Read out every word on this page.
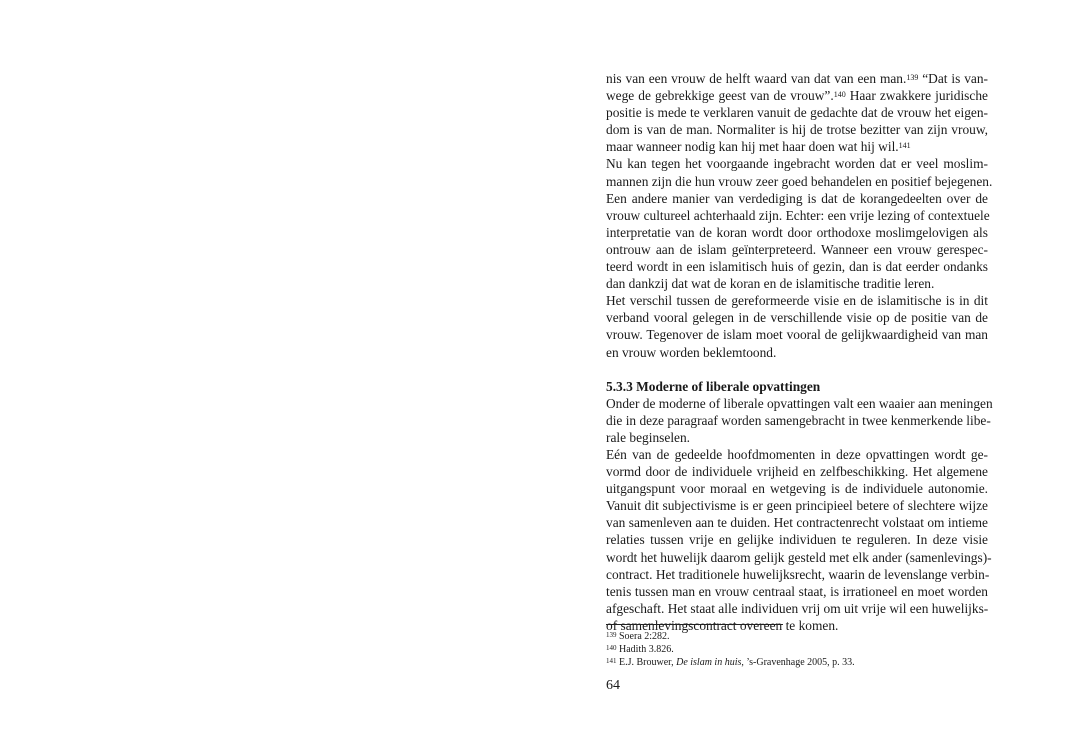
nis van een vrouw de helft waard van dat van een man.$^{139}$ “Dat is van-
wege de gebrekkige geest van de vrouw”.$^{140}$ Haar zwakkere juridische
positie is mede te verklaren vanuit de gedachte dat de vrouw het eigen-
dom is van de man. Normaliter is hij de trotse bezitter van zijn vrouw,
maar wanneer nodig kan hij met haar doen wat hij wil.$^{141}$
Nu kan tegen het voorgaande ingebracht worden dat er veel moslim-
mannen zijn die hun vrouw zeer goed behandelen en positief bejegenen.
Een andere manier van verdediging is dat de korangedeelten over de
vrouw cultureel achterhaald zijn. Echter: een vrije lezing of contextuele
interpretatie van de koran wordt door orthodoxe moslimgelovigen als
ontrouw aan de islam geïnterpreteerd. Wanneer een vrouw gerespec-
teerd wordt in een islamitisch huis of gezin, dan is dat eerder ondanks
dan dankzij dat wat de koran en de islamitische traditie leren.
Het verschil tussen de gereformeerde visie en de islamitische is in dit
verband vooral gelegen in de verschillende visie op de positie van de
vrouw. Tegenover de islam moet vooral de gelijkwaardigheid van man
en vrouw worden beklemtoond.
5.3.3 Moderne of liberale opvattingen
Onder de moderne of liberale opvattingen valt een waaier aan meningen
die in deze paragraaf worden samengebracht in twee kenmerkende libe-
rale beginselen.
Eén van de gedeelde hoofdmomenten in deze opvattingen wordt ge-
vormd door de individuele vrijheid en zelfbeschikking. Het algemene
uitgangspunt voor moraal en wetgeving is de individuele autonomie.
Vanuit dit subjectivisme is er geen principieel betere of slechtere wijze
van samenleven aan te duiden. Het contractenrecht volstaat om intieme
relaties tussen vrije en gelijke individuen te reguleren. In deze visie
wordt het huwelijk daarom gelijk gesteld met elk ander (samenlevings)-
contract. Het traditionele huwelijksrecht, waarin de levenslange verbin-
tenis tussen man en vrouw centraal staat, is irrationeel en moet worden
afgeschaft. Het staat alle individuen vrij om uit vrije wil een huwelijks-
of samenlevingscontract overeen te komen.
$^{139}$ Soera 2:282.
$^{140}$ Hadith 3.826.
$^{141}$ E.J. Brouwer, De islam in huis, ’s-Gravenhage 2005, p. 33.
64
